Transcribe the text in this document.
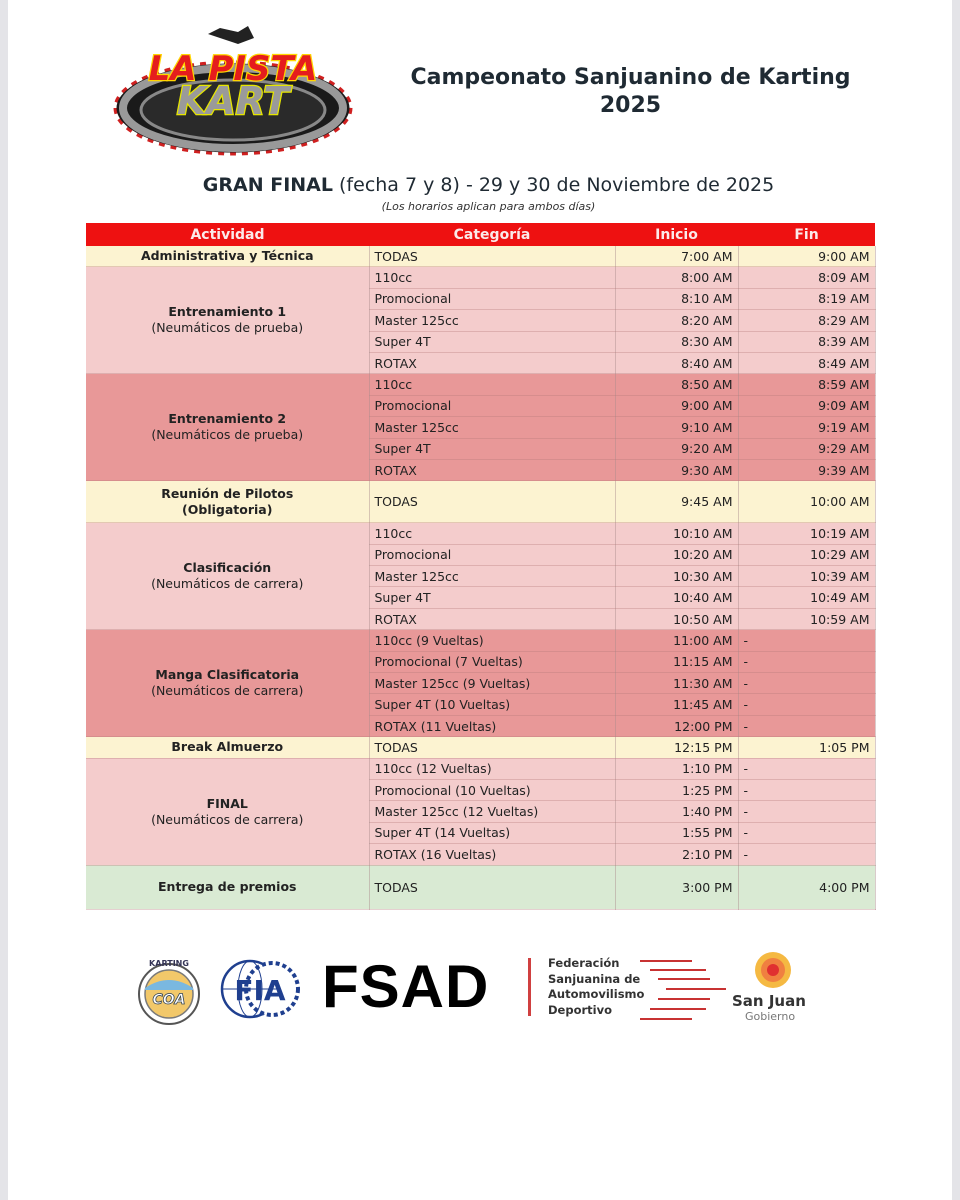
LA PISTA
KART
Campeonato Sanjuanino de Karting
2025
GRAN FINAL (fecha 7 y 8) - 29 y 30 de Noviembre de 2025
(Los horarios aplican para ambos días)
Actividad	Categoría	Inicio	Fin

Administrativa y Técnica	TODAS	7:00 AM	9:00 AM

Entrenamiento 1
(Neumáticos de prueba)	110cc	8:00 AM	8:09 AM
	Promocional	8:10 AM	8:19 AM
	Master 125cc	8:20 AM	8:29 AM
	Super 4T	8:30 AM	8:39 AM
	ROTAX	8:40 AM	8:49 AM

Entrenamiento 2
(Neumáticos de prueba)	110cc	8:50 AM	8:59 AM
	Promocional	9:00 AM	9:09 AM
	Master 125cc	9:10 AM	9:19 AM
	Super 4T	9:20 AM	9:29 AM
	ROTAX	9:30 AM	9:39 AM

Reunión de Pilotos
(Obligatoria)	TODAS	9:45 AM	10:00 AM

Clasificación
(Neumáticos de carrera)	110cc	10:10 AM	10:19 AM
	Promocional	10:20 AM	10:29 AM
	Master 125cc	10:30 AM	10:39 AM
	Super 4T	10:40 AM	10:49 AM
	ROTAX	10:50 AM	10:59 AM

Manga Clasificatoria
(Neumáticos de carrera)	110cc (9 Vueltas)	11:00 AM	-
	Promocional (7 Vueltas)	11:15 AM	-
	Master 125cc (9 Vueltas)	11:30 AM	-
	Super 4T (10 Vueltas)	11:45 AM	-
	ROTAX (11 Vueltas)	12:00 PM	-

Break Almuerzo	TODAS	12:15 PM	1:05 PM

FINAL
(Neumáticos de carrera)	110cc (12 Vueltas)	1:10 PM	-
	Promocional (10 Vueltas)	1:25 PM	-
	Master 125cc (12 Vueltas)	1:40 PM	-
	Super 4T (14 Vueltas)	1:55 PM	-
	ROTAX (16 Vueltas)	2:10 PM	-

Entrega de premios	TODAS	3:00 PM	4:00 PM
KARTING
COA FIA FSAD	Federación
Sanjuanina de
Automovilismo
Deportivo	San Juan
Gobierno
